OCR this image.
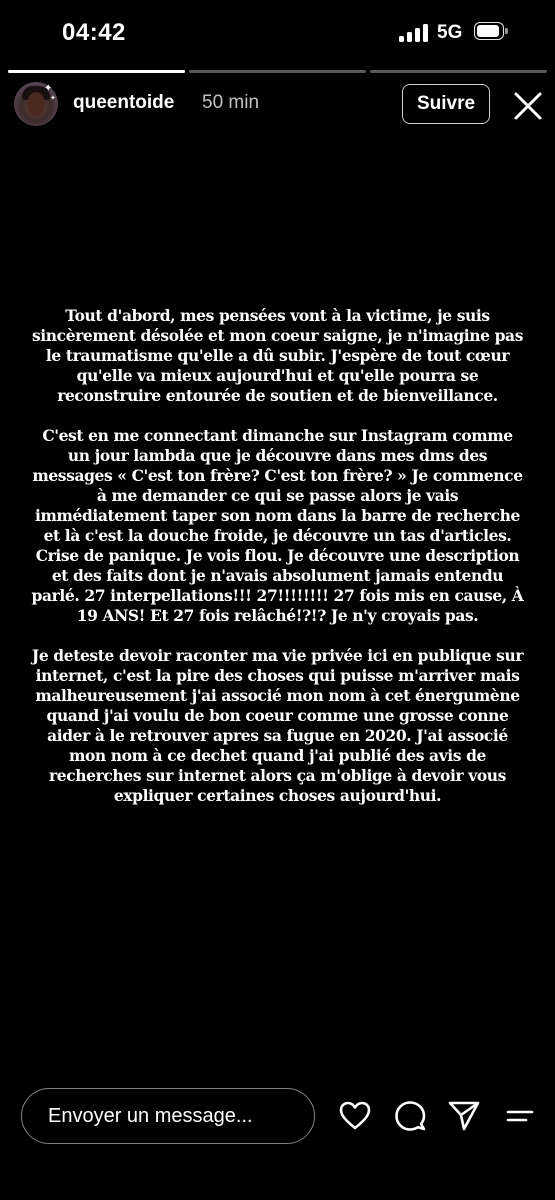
04:42	5G
✦
✦ queentoide 50 min	Suivre

Tout d'abord, mes pensées vont à la victime, je suis sincèrement désolée et mon coeur saigne, je n'imagine pas le traumatisme qu'elle a dû subir. J'espère de tout cœur qu'elle va mieux aujourd'hui et qu'elle pourra se reconstruire entourée de soutien et de bienveillance.

C'est en me connectant dimanche sur Instagram comme un jour lambda que je découvre dans mes dms des messages « C'est ton frère? C'est ton frère? » Je commence à me demander ce qui se passe alors je vais immédiatement taper son nom dans la barre de recherche et là c'est la douche froide, je découvre un tas d'articles. Crise de panique. Je vois flou. Je découvre une description et des faits dont je n'avais absolument jamais entendu parlé. 27 interpellations!!! 27!!!!!!!! 27 fois mis en cause, À 19 ANS! Et 27 fois relâché!?!? Je n'y croyais pas.

Je deteste devoir raconter ma vie privée ici en publique sur internet, c'est la pire des choses qui puisse m'arriver mais malheureusement j'ai associé mon nom à cet énergumène quand j'ai voulu de bon coeur comme une grosse conne aider à le retrouver apres sa fugue en 2020. J'ai associé mon nom à ce dechet quand j'ai publié des avis de recherches sur internet alors ça m'oblige à devoir vous expliquer certaines choses aujourd'hui.

Envoyer un message...
